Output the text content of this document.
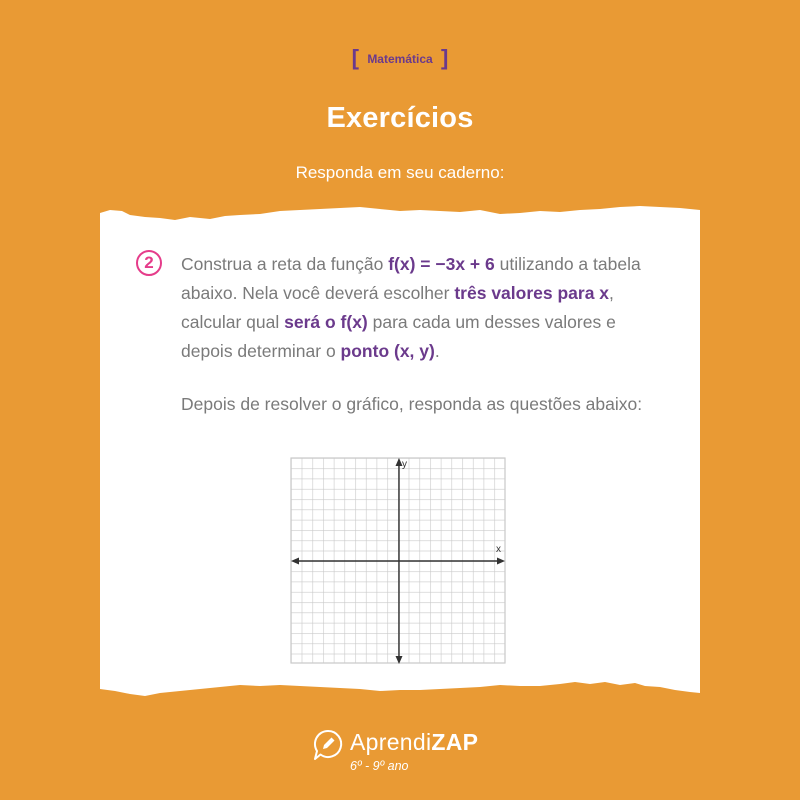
[ Matemática ]
Exercícios
Responda em seu caderno:
2	Construa a reta da função f(x) = −3x + 6 utilizando a tabela abaixo. Nela você deverá escolher três valores para x, calcular qual será o f(x) para cada um desses valores e depois determinar o ponto (x, y).
Depois de resolver o gráfico, responda as questões abaixo:
y
x
AprendiZAP
6º - 9º ano
